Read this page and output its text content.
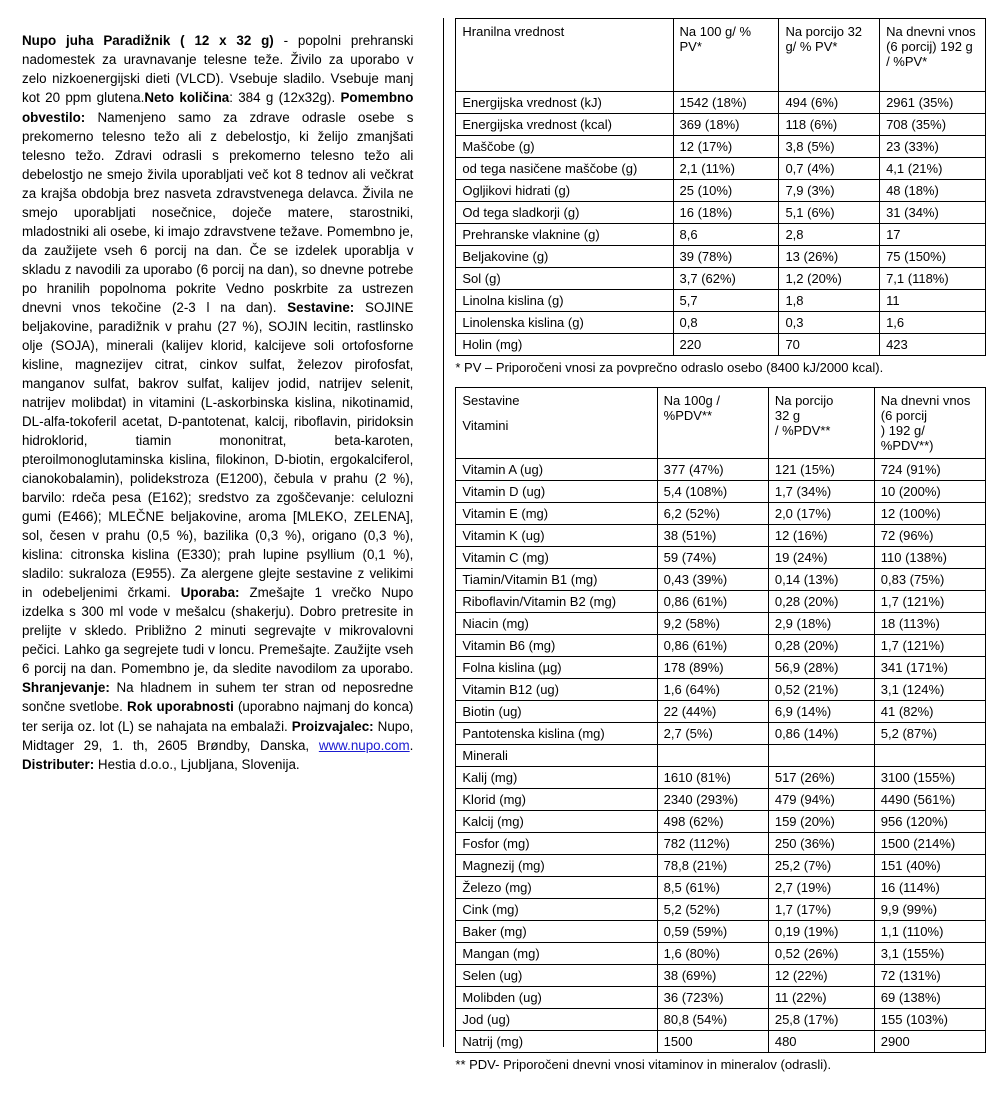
Nupo juha Paradižnik ( 12 x 32 g) - popolni prehranski nadomestek za uravnavanje telesne teže. Živilo za uporabo v zelo nizkoenergijski dieti (VLCD). Vsebuje sladilo. Vsebuje manj kot 20 ppm glutena.Neto količina: 384 g (12x32g). Pomembno obvestilo: Namenjeno samo za zdrave odrasle osebe s prekomerno telesno težo ali z debelostjo, ki želijo zmanjšati telesno težo. Zdravi odrasli s prekomerno telesno težo ali debelostjo ne smejo živila uporabljati več kot 8 tednov ali večkrat za krajša obdobja brez nasveta zdravstvenega delavca. Živila ne smejo uporabljati nosečnice, doječe matere, starostniki, mladostniki ali osebe, ki imajo zdravstvene težave. Pomembno je, da zaužijete vseh 6 porcij na dan. Če se izdelek uporablja v skladu z navodili za uporabo (6 porcij na dan), so dnevne potrebe po hranilih popolnoma pokrite Vedno poskrbite za ustrezen dnevni vnos tekočine (2-3 l na dan). Sestavine: SOJINE beljakovine, paradižnik v prahu (27 %), SOJIN lecitin, rastlinsko olje (SOJA), minerali (kalijev klorid, kalcijeve soli ortofosforne kisline, magnezijev citrat, cinkov sulfat, železov pirofosfat, manganov sulfat, bakrov sulfat, kalijev jodid, natrijev selenit, natrijev molibdat) in vitamini (L-askorbinska kislina, nikotinamid, DL-alfa-tokoferil acetat, D-pantotenat, kalcij, riboflavin, piridoksin hidroklorid, tiamin mononitrat, beta-karoten, pteroilmonoglutaminska kislina, filokinon, D-biotin, ergokalciferol, cianokobalamin), polidekstroza (E1200), čebula v prahu (2 %), barvilo: rdeča pesa (E162); sredstvo za zgoščevanje: celulozni gumi (E466); MLEČNE beljakovine, aroma [MLEKO, ZELENA], sol, česen v prahu (0,5 %), bazilika (0,3 %), origano (0,3 %), kislina: citronska kislina (E330); prah lupine psyllium (0,1 %), sladilo: sukraloza (E955). Za alergene glejte sestavine z velikimi in odebeljenimi črkami. Uporaba: Zmešajte 1 vrečko Nupo izdelka s 300 ml vode v mešalcu (shakerju). Dobro pretresite in prelijte v skledo. Približno 2 minuti segrevajte v mikrovalovni pečici. Lahko ga segrejete tudi v loncu. Premešajte. Zaužijte vseh 6 porcij na dan. Pomembno je, da sledite navodilom za uporabo. Shranjevanje: Na hladnem in suhem ter stran od neposredne sončne svetlobe. Rok uporabnosti (uporabno najmanj do konca) ter serija oz. lot (L) se nahajata na embalaži. Proizvajalec: Nupo, Midtager 29, 1. th, 2605 Brøndby, Danska, www.nupo.com. Distributer: Hestia d.o.o., Ljubljana, Slovenija.

Hranilna vrednost	Na 100 g/ % PV*	Na porcijo 32 g/ % PV*	Na dnevni vnos (6 porcij) 192 g / %PV*
Energijska vrednost (kJ)	1542 (18%)	494 (6%)	2961 (35%)
Energijska vrednost (kcal)	369 (18%)	118 (6%)	708 (35%)
Maščobe (g)	12 (17%)	3,8 (5%)	23 (33%)
od tega nasičene maščobe (g)	2,1 (11%)	0,7 (4%)	4,1 (21%)
Ogljikovi hidrati (g)	25 (10%)	7,9 (3%)	48 (18%)
Od tega sladkorji (g)	16 (18%)	5,1 (6%)	31 (34%)
Prehranske vlaknine (g)	8,6	2,8	17
Beljakovine (g)	39 (78%)	13 (26%)	75 (150%)
Sol (g)	3,7 (62%)	1,2 (20%)	7,1 (118%)
Linolna kislina (g)	5,7	1,8	11
Linolenska kislina (g)	0,8	0,3	1,6
Holin (mg)	220	70	423

* PV – Priporočeni vnosi za povprečno odraslo osebo (8400 kJ/2000 kcal).

Sestavine
Vitamini

Na 100g /
%PDV**

Na porcijo
32 g
/ %PDV**

Na dnevni vnos
(6 porcij
) 192 g/ %PDV**)

Vitamin A (ug)	377 (47%)	121 (15%)	724 (91%)
Vitamin D (ug)	5,4 (108%)	1,7 (34%)	10 (200%)
Vitamin E (mg)	6,2 (52%)	2,0 (17%)	12 (100%)
Vitamin K (ug)	38 (51%)	12 (16%)	72 (96%)
Vitamin C (mg)	59 (74%)	19 (24%)	110 (138%)
Tiamin/Vitamin B1 (mg)	0,43 (39%)	0,14 (13%)	0,83 (75%)
Riboflavin/Vitamin B2 (mg)	0,86 (61%)	0,28 (20%)	1,7 (121%)
Niacin (mg)	9,2 (58%)	2,9 (18%)	18 (113%)
Vitamin B6 (mg)	0,86 (61%)	0,28 (20%)	1,7 (121%)
Folna kislina (µg)	178 (89%)	56,9 (28%)	341 (171%)
Vitamin B12 (ug)	1,6 (64%)	0,52 (21%)	3,1 (124%)
Biotin (ug)	22 (44%)	6,9 (14%)	41 (82%)
Pantotenska kislina (mg)	2,7 (5%)	0,86 (14%)	5,2 (87%)
Minerali			
Kalij (mg)	1610 (81%)	517 (26%)	3100 (155%)
Klorid (mg)	2340 (293%)	479 (94%)	4490 (561%)
Kalcij (mg)	498 (62%)	159 (20%)	956 (120%)
Fosfor (mg)	782 (112%)	250 (36%)	1500 (214%)
Magnezij (mg)	78,8 (21%)	25,2 (7%)	151 (40%)
Železo (mg)	8,5 (61%)	2,7 (19%)	16 (114%)
Cink (mg)	5,2 (52%)	1,7 (17%)	9,9 (99%)
Baker (mg)	0,59 (59%)	0,19 (19%)	1,1 (110%)
Mangan (mg)	1,6 (80%)	0,52 (26%)	3,1 (155%)
Selen (ug)	38 (69%)	12 (22%)	72 (131%)
Molibden (ug)	36 (723%)	11 (22%)	69 (138%)
Jod (ug)	80,8 (54%)	25,8 (17%)	155 (103%)
Natrij (mg)	1500	480	2900

** PDV- Priporočeni dnevni vnosi vitaminov in mineralov (odrasli).
